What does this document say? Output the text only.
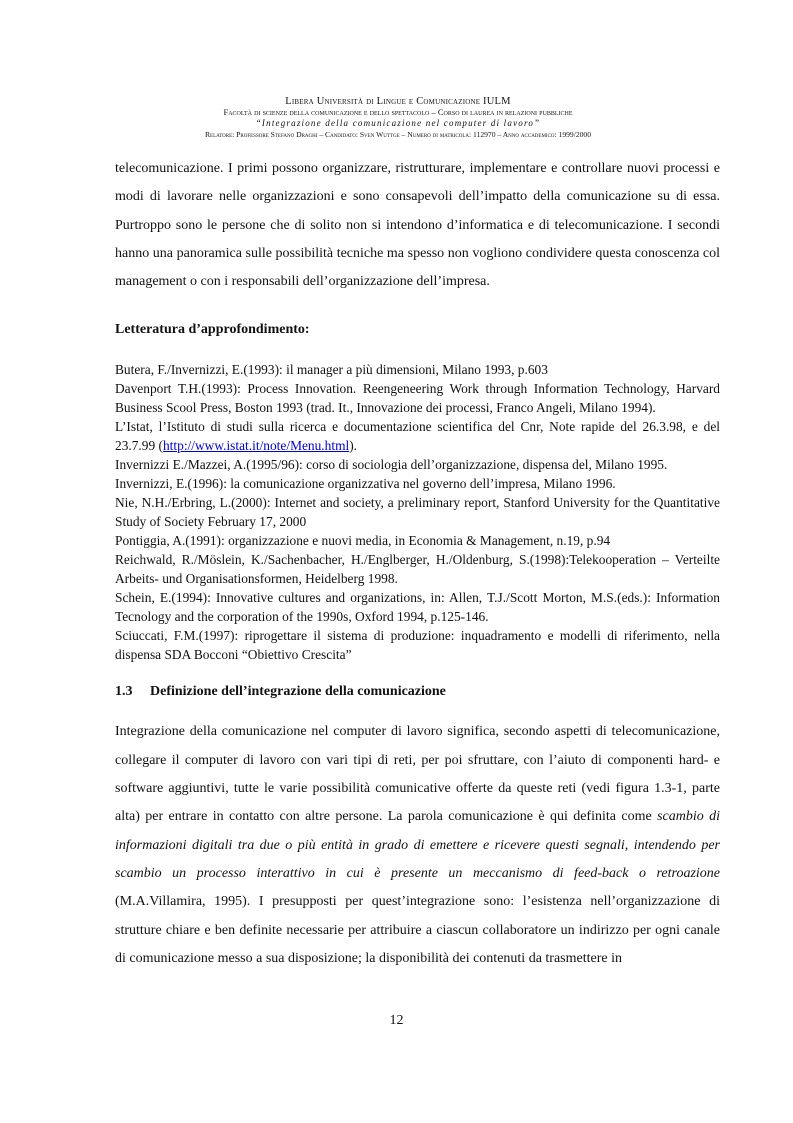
Libera Università di Lingue e Comunicazione IULM
Facoltà di scienze della comunicazione e dello spettacolo – Corso di laurea in relazioni pubbliche
“Integrazione della comunicazione nel computer di lavoro”
Relatore: Professore Stefano Draghi – Candidato: Sven Wuttge – Numero di matricola: 112970 – Anno accademico: 1999/2000

telecomunicazione. I primi possono organizzare, ristrutturare, implementare e controllare nuovi processi e modi di lavorare nelle organizzazioni e sono consapevoli dell’impatto della comunicazione su di essa. Purtroppo sono le persone che di solito non si intendono d’informatica e di telecomunicazione. I secondi hanno una panoramica sulle possibilità tecniche ma spesso non vogliono condividere questa conoscenza col management o con i responsabili dell’organizzazione dell’impresa.

Letteratura d’approfondimento:

Butera, F./Invernizzi, E.(1993): il manager a più dimensioni, Milano 1993, p.603

Davenport T.H.(1993): Process Innovation. Reengeneering Work through Information Technology, Harvard Business Scool Press, Boston 1993 (trad. It., Innovazione dei processi, Franco Angeli, Milano 1994).

L’Istat, l’Istituto di studi sulla ricerca e documentazione scientifica del Cnr, Note rapide del 26.3.98, e del 23.7.99 (http://www.istat.it/note/Menu.html).

Invernizzi E./Mazzei, A.(1995/96): corso di sociologia dell’organizzazione, dispensa del, Milano 1995.

Invernizzi, E.(1996): la comunicazione organizzativa nel governo dell’impresa, Milano 1996.

Nie, N.H./Erbring, L.(2000): Internet and society, a preliminary report, Stanford University for the Quantitative Study of Society February 17, 2000

Pontiggia, A.(1991): organizzazione e nuovi media, in Economia & Management, n.19, p.94

Reichwald, R./Möslein, K./Sachenbacher, H./Englberger, H./Oldenburg, S.(1998):Telekooperation – Verteilte Arbeits- und Organisationsformen, Heidelberg 1998.

Schein, E.(1994): Innovative cultures and organizations, in: Allen, T.J./Scott Morton, M.S.(eds.): Information Tecnology and the corporation of the 1990s, Oxford 1994, p.125-146.

Sciuccati, F.M.(1997): riprogettare il sistema di produzione: inquadramento e modelli di riferimento, nella dispensa SDA Bocconi “Obiettivo Crescita”

1.3	Definizione dell’integrazione della comunicazione

Integrazione della comunicazione nel computer di lavoro significa, secondo aspetti di telecomunicazione, collegare il computer di lavoro con vari tipi di reti, per poi sfruttare, con l’aiuto di componenti hard- e software aggiuntivi, tutte le varie possibilità comunicative offerte da queste reti (vedi figura 1.3-1, parte alta) per entrare in contatto con altre persone. La parola comunicazione è qui definita come scambio di informazioni digitali tra due o più entità in grado di emettere e ricevere questi segnali, intendendo per scambio un processo interattivo in cui è presente un meccanismo di feed-back o retroazione (M.A.Villamira, 1995). I presupposti per quest’integrazione sono: l’esistenza nell’organizzazione di strutture chiare e ben definite necessarie per attribuire a ciascun collaboratore un indirizzo per ogni canale di comunicazione messo a sua disposizione; la disponibilità dei contenuti da trasmettere in

12
